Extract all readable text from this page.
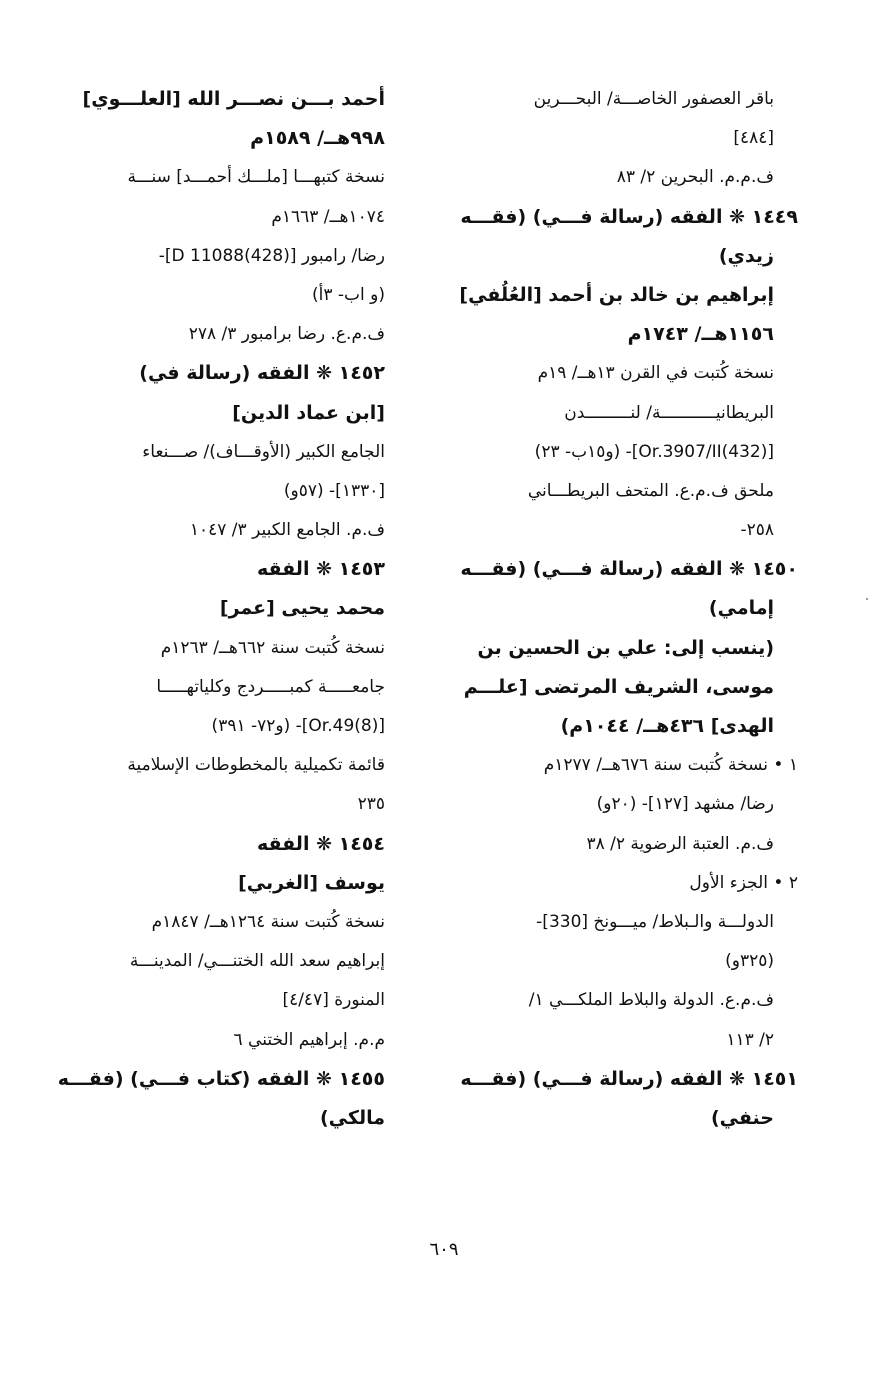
باقر العصفور الخاصـــة/ البحـــرين
[٤٨٤]
ف.م.م. البحرين ٢/ ٨٣
١٤٤٩ ❋ الفقه (رسالة فـــي) (فقـــه
زيدي)
إبراهيم بن خالد بن أحمد [العُلُفي]
١١٥٦هــ/ ١٧٤٣م
نسخة كُتبت في القرن ١٣هــ/ ١٩م
البريطانيـــــــــــة/ لنـــــــــدن
[(432)Or.3907/II]- (و١٥ب- ٢٣)
ملحق ف.م.ع. المتحف البريطـــاني
٢٥٨-
١٤٥٠ ❋ الفقه (رسالة فـــي) (فقـــه
إمامي)
(ينسب إلى: علي بن الحسين بن
موسى، الشريف المرتضى [علـــم
الهدى] ٤٣٦هــ/ ١٠٤٤م)
١ • نسخة كُتبت سنة ٦٧٦هــ/ ١٢٧٧م
رضا/ مشهد [١٢٧]- (٢٠و)
ف.م. العتبة الرضوية ٢/ ٣٨
٢ • الجزء الأول
الدولـــة والـبلاط/ ميـــونخ [330]-
(٣٢٥و)
ف.م.ع. الدولة والبلاط الملكـــي ١/
٢/ ١١٣
١٤٥١ ❋ الفقه (رسالة فـــي) (فقـــه
حنفي)
أحمد بـــن نصـــر الله [العلـــوي]
٩٩٨هــ/ ١٥٨٩م
نسخة كتبهـــا [ملـــك أحمـــد] سنـــة
١٠٧٤هــ/ ١٦٦٣م
رضا/ رامبور [D 11088(428)]-
(و اب- ٣أ)
ف.م.ع. رضا برامبور ٣/ ٢٧٨
١٤٥٢ ❋ الفقه (رسالة في)
[ابن عماد الدين]
الجامع الكبير (الأوقـــاف)/ صـــنعاء
[١٣٣٠]- (٥٧و)
ف.م. الجامع الكبير ٣/ ١٠٤٧
١٤٥٣ ❋ الفقه
محمد يحيى [عمر]
نسخة كُتبت سنة ٦٦٢هــ/ ١٢٦٣م
جامعـــــة كمبـــــردج وكلياتهـــــا
[Or.49(8)]- (و٧٢- ٣٩١)
قائمة تكميلية بالمخطوطات الإسلامية
٢٣٥
١٤٥٤ ❋ الفقه
يوسف [الغربي]
نسخة كُتبت سنة ١٢٦٤هــ/ ١٨٤٧م
إبراهيم سعد الله الختنـــي/ المدينـــة
المنورة [٤/٤٧]
م.م. إبراهيم الختني ٦
١٤٥٥ ❋ الفقه (كتاب فـــي) (فقـــه
مالكي)
٦٠٩
